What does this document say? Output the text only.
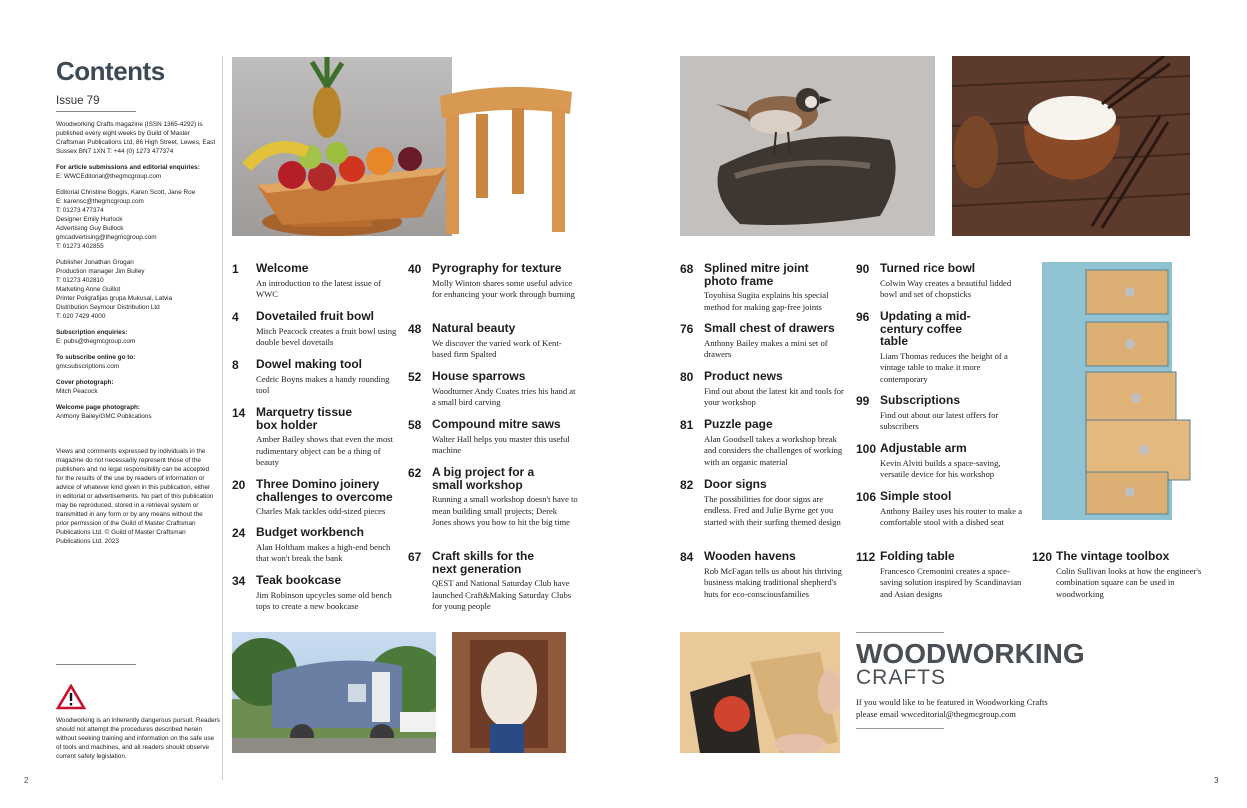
Contents
Issue 79
Woodworking Crafts magazine (ISSN 1365-4292) is published every eight weeks by Guild of Master Craftsman Publications Ltd, 86 High Street, Lewes, East Sussex BN7 1XN T: +44 (0) 1273 477374
For article submissions and editorial enquiries:
E: WWCEditorial@thegmcgroup.com
Editorial Christine Boggis, Karen Scott, Jane Roe
E: karensc@thegmcgroup.com
T: 01273 477374
Designer Emily Hurlock
Advertising Guy Bullock
gmcadvertising@thegmcgroup.com
T: 01273 402855
Publisher Jonathan Grogan
Production manager Jim Bulley
T: 01273 402810
Marketing Anne Guillot
Printer Poligrafijas grupa Mukusal, Latvia
Distribution Seymour Distribution Ltd
T: 020 7429 4000
Subscription enquiries:
E: pubs@thegmcgroup.com
To subscribe online go to:
gmcsubscriptions.com
Cover photograph:
Mitch Peacock
Welcome page photograph:
Anthony Bailey/GMC Publications
Views and comments expressed by individuals in the magazine do not necessarily represent those of the publishers and no legal responsibility can be accepted for the results of the use by readers of information or advice of whatever kind given in this publication, either in editorial or advertisements. No part of this publication may be reproduced, stored in a retrieval system or transmitted in any form or by any means without the prior permission of the Guild of Master Craftsman Publications Ltd. © Guild of Master Craftsman Publications Ltd. 2023
Woodworking is an inherently dangerous pursuit. Readers should not attempt the procedures described herein without seeking training and information on the safe use of tools and machines, and all readers should observe current safety legislation.
1 Welcome
An introduction to the latest issue of WWC
4 Dovetailed fruit bowl
Mitch Peacock creates a fruit bowl using double bevel dovetails
8 Dowel making tool
Cedric Boyns makes a handy rounding tool
14 Marquetry tissue box holder
Amber Bailey shows that even the most rudimentary object can be a thing of beauty
20 Three Domino joinery challenges to overcome
Charles Mak tackles odd-sized pieces
24 Budget workbench
Alan Holtham makes a high-end bench that won't break the bank
34 Teak bookcase
Jim Robinson upcycles some old bench tops to create a new bookcase
40 Pyrography for texture
Molly Winton shares some useful advice for enhancing your work through burning
48 Natural beauty
We discover the varied work of Kent-based firm Spalted
52 House sparrows
Woodturner Andy Coates tries his hand at a small bird carving
58 Compound mitre saws
Walter Hall helps you master this useful machine
62 A big project for a small workshop
Running a small workshop doesn't have to mean building small projects; Derek Jones shows you how to hit the big time
67 Craft skills for the next generation
QEST and National Saturday Club have launched Craft&Making Saturday Clubs for young people
68 Splined mitre joint photo frame
Toyohisa Sugita explains his special method for making gap-free joints
76 Small chest of drawers
Anthony Bailey makes a mini set of drawers
80 Product news
Find out about the latest kit and tools for your workshop
81 Puzzle page
Alan Goodsell takes a workshop break and considers the challenges of working with an organic material
82 Door signs
The possibilities for door signs are endless. Fred and Julie Byrne get you started with their surfing themed design
84 Wooden havens
Rob McFagan tells us about his thriving business making traditional shepherd's huts for eco-consciousfamilies
90 Turned rice bowl
Colwin Way creates a beautiful lidded bowl and set of chopsticks
96 Updating a mid-century coffee table
Liam Thomas reduces the height of a vintage table to make it more contemporary
99 Subscriptions
Find out about our latest offers for subscribers
100 Adjustable arm
Kevin Alviti builds a space-saving, versatile device for his workshop
106 Simple stool
Anthony Bailey uses his router to make a comfortable stool with a dished seat
112 Folding table
Francesco Cremonini creates a space-saving solution inspired by Scandinavian and Asian designs
120 The vintage toolbox
Colin Sullivan looks at how the engineer's combination square can be used in woodworking
WOODWORKING
CRAFTS
If you would like to be featured in Woodworking Crafts
please email wwceditorial@thegmcgroup.com
2	3
